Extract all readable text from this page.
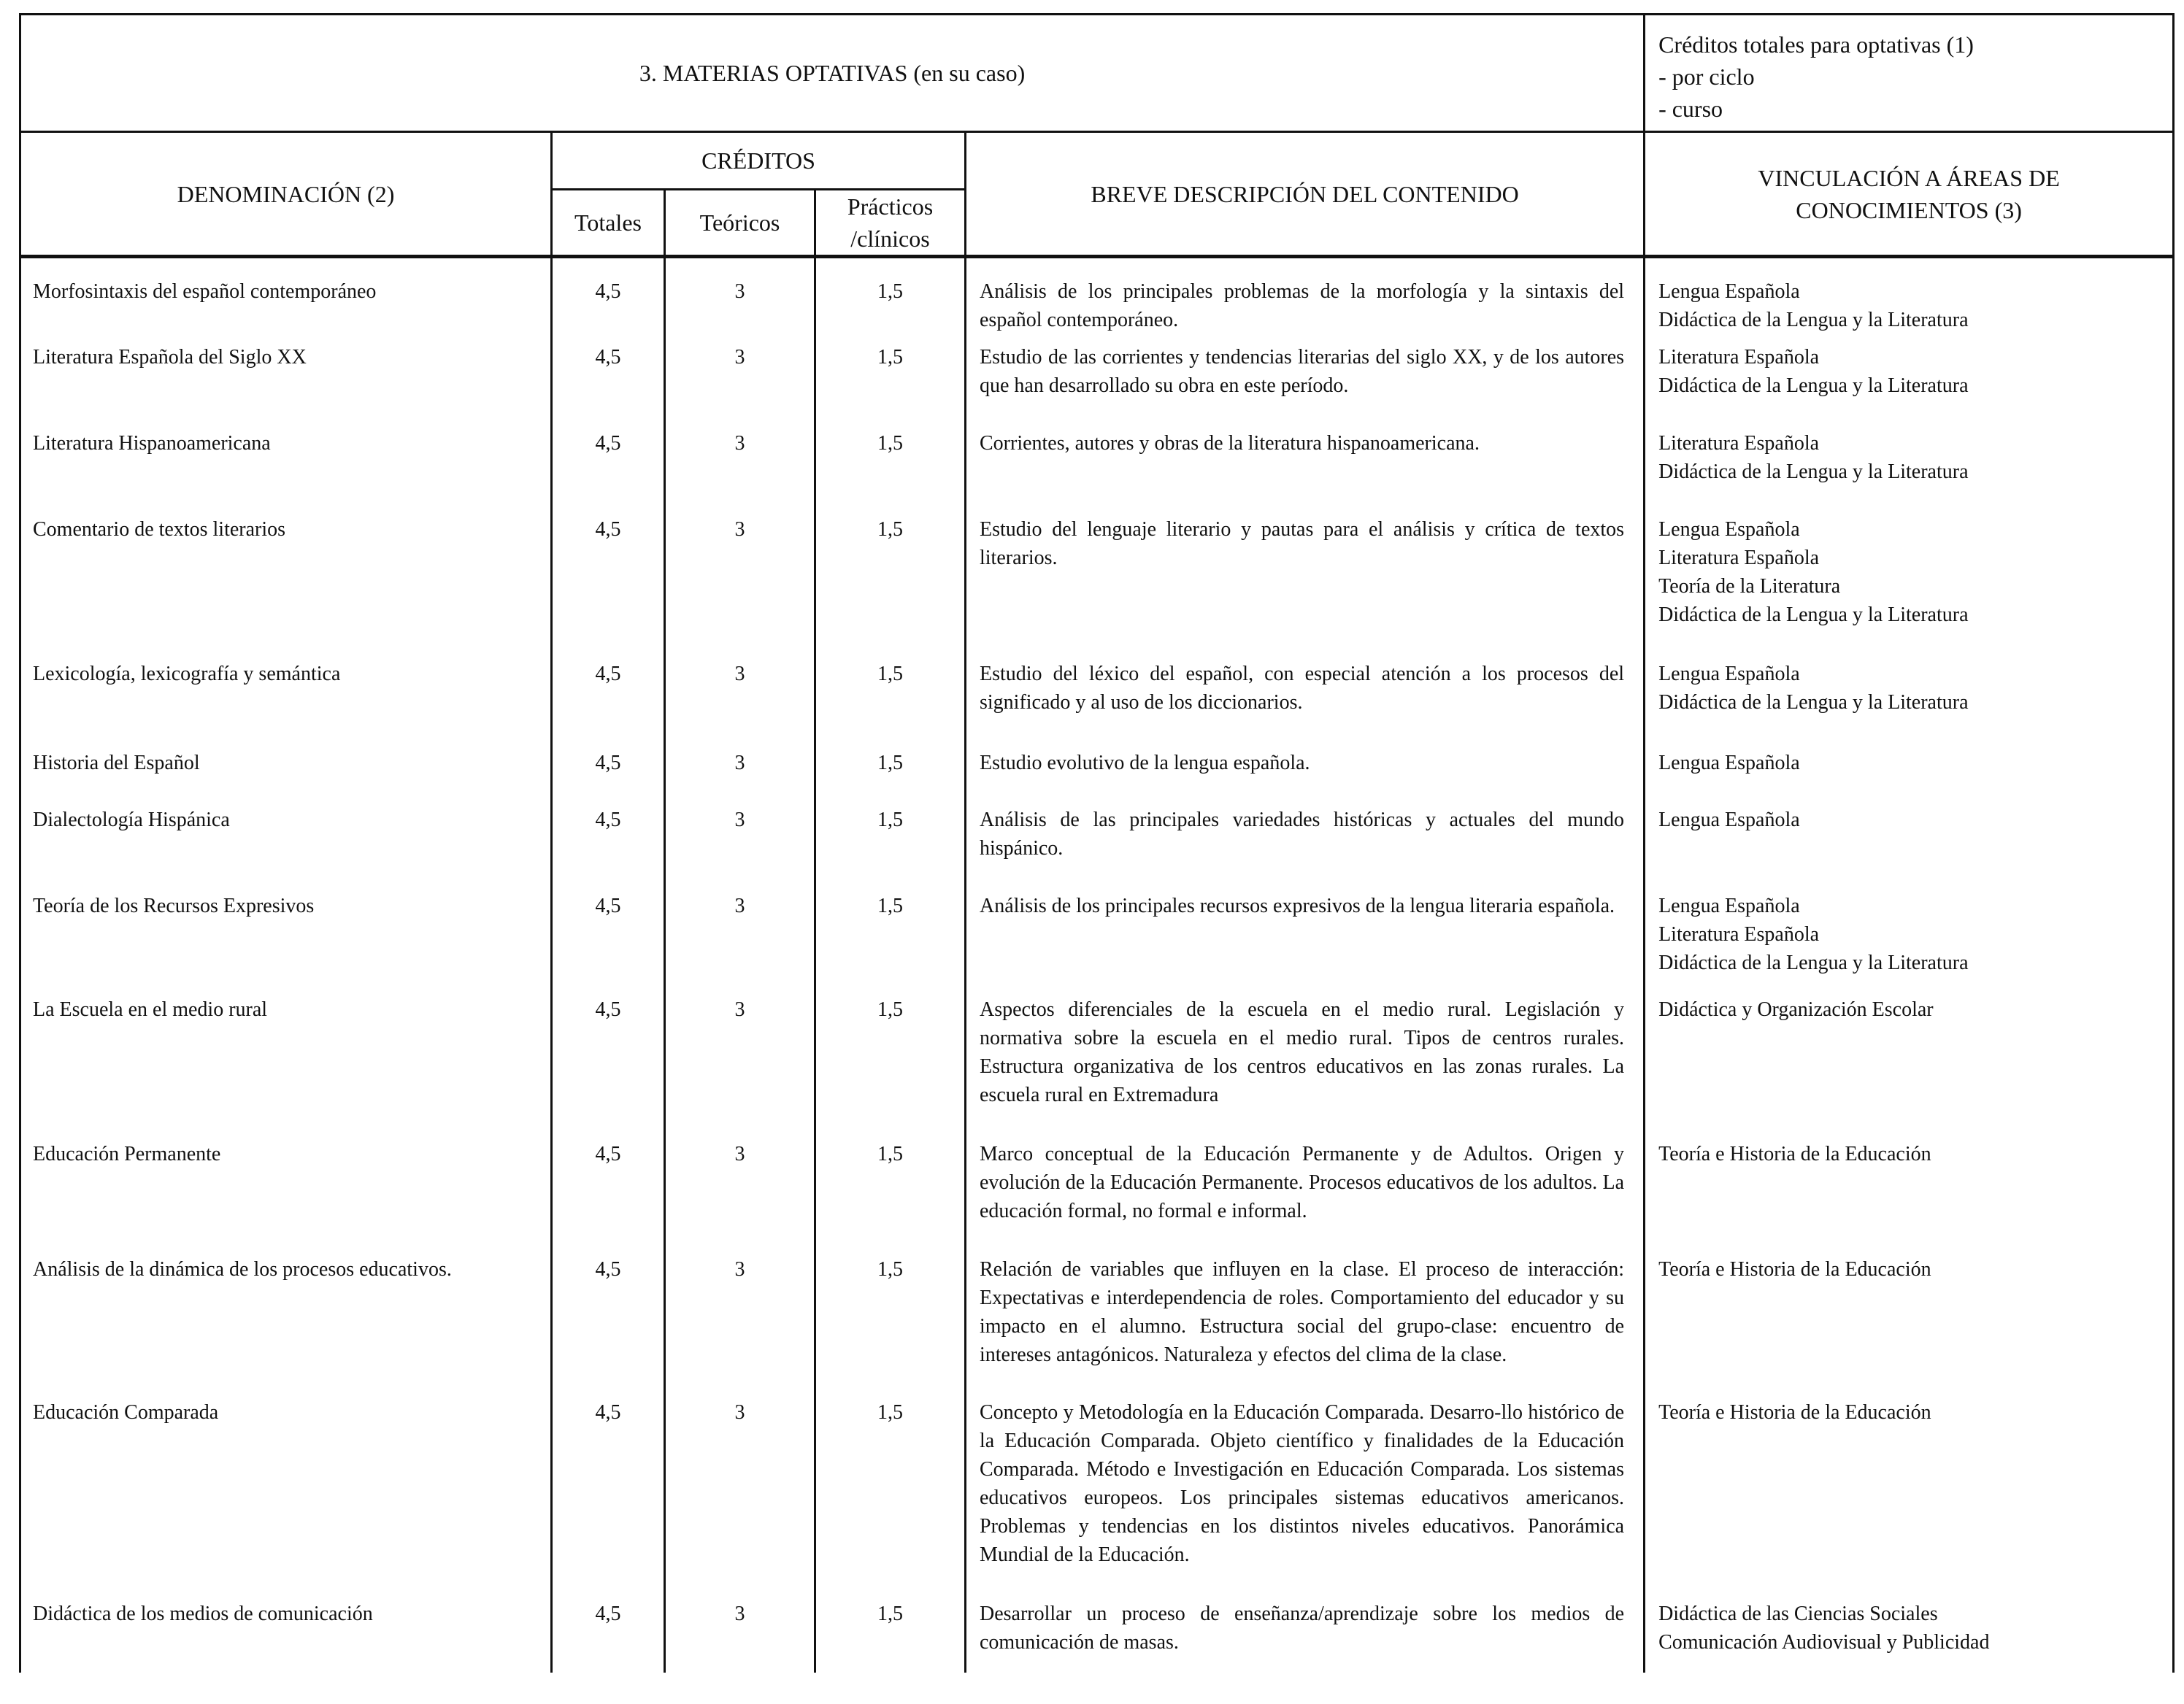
3. MATERIAS OPTATIVAS (en su caso)					Créditos totales para optativas (1)
- por ciclo
- curso

DENOMINACIÓN (2)	CRÉDITOS			BREVE DESCRIPCIÓN DEL CONTENIDO	VINCULACIÓN A ÁREAS DE
CONOCIMIENTOS (3)

	Totales	Teóricos	Prácticos
/clínicos		

Morfosintaxis del español contemporáneo	4,5	3	1,5	Análisis de los principales problemas de la morfología y la sintaxis del español contemporáneo.	Lengua Española
Didáctica de la Lengua y la Literatura

Literatura Española del Siglo XX	4,5	3	1,5	Estudio de las corrientes y tendencias literarias del siglo XX, y de los autores que han desarrollado su obra en este período.	Literatura Española
Didáctica de la Lengua y la Literatura

Literatura Hispanoamericana	4,5	3	1,5	Corrientes, autores y obras de la literatura hispanoamericana.	Literatura Española
Didáctica de la Lengua y la Literatura

Comentario de textos literarios	4,5	3	1,5	Estudio del lenguaje literario y pautas para el análisis y crítica de textos literarios.	Lengua Española
Literatura Española
Teoría de la Literatura
Didáctica de la Lengua y la Literatura

Lexicología, lexicografía y semántica	4,5	3	1,5	Estudio del léxico del español, con especial atención a los procesos del significado y al uso de los diccionarios.	Lengua Española
Didáctica de la Lengua y la Literatura

Historia del Español	4,5	3	1,5	Estudio evolutivo de la lengua española.	Lengua Española

Dialectología Hispánica	4,5	3	1,5	Análisis de las principales variedades históricas y actuales del mundo hispánico.	Lengua Española

Teoría de los Recursos Expresivos	4,5	3	1,5	Análisis de los principales recursos expresivos de la lengua literaria española.	Lengua Española
Literatura Española
Didáctica de la Lengua y la Literatura

La Escuela en el medio rural	4,5	3	1,5	Aspectos diferenciales de la escuela en el medio rural. Legislación y normativa sobre la escuela en el medio rural. Tipos de centros rurales. Estructura organizativa de los centros educativos en las zonas rurales. La escuela rural en Extremadura	Didáctica y Organización Escolar

Educación Permanente	4,5	3	1,5	Marco conceptual de la Educación Permanente y de Adultos. Origen y evolución de la Educación Permanente. Procesos educativos de los adultos. La educación formal, no formal e informal.	Teoría e Historia de la Educación

Análisis de la dinámica de los procesos educativos.	4,5	3	1,5	Relación de variables que influyen en la clase. El proceso de interacción: Expectativas e interdependencia de roles. Comportamiento del educador y su impacto en el alumno. Estructura social del grupo-clase: encuentro de intereses antagónicos. Naturaleza y efectos del clima de la clase.	Teoría e Historia de la Educación

Educación Comparada	4,5	3	1,5	Concepto y Metodología en la Educación Comparada. Desarro-llo histórico de la Educación Comparada. Objeto científico y finalidades de la Educación Comparada. Método e Investigación en Educación Comparada. Los sistemas educativos europeos. Los principales sistemas educativos americanos. Problemas y tendencias en los distintos niveles educativos. Panorámica Mundial de la Educación.	Teoría e Historia de la Educación

Didáctica de los medios de comunicación	4,5	3	1,5	Desarrollar un proceso de enseñanza/aprendizaje sobre los medios de comunicación de masas.	Didáctica de las Ciencias Sociales
Comunicación Audiovisual y Publicidad
